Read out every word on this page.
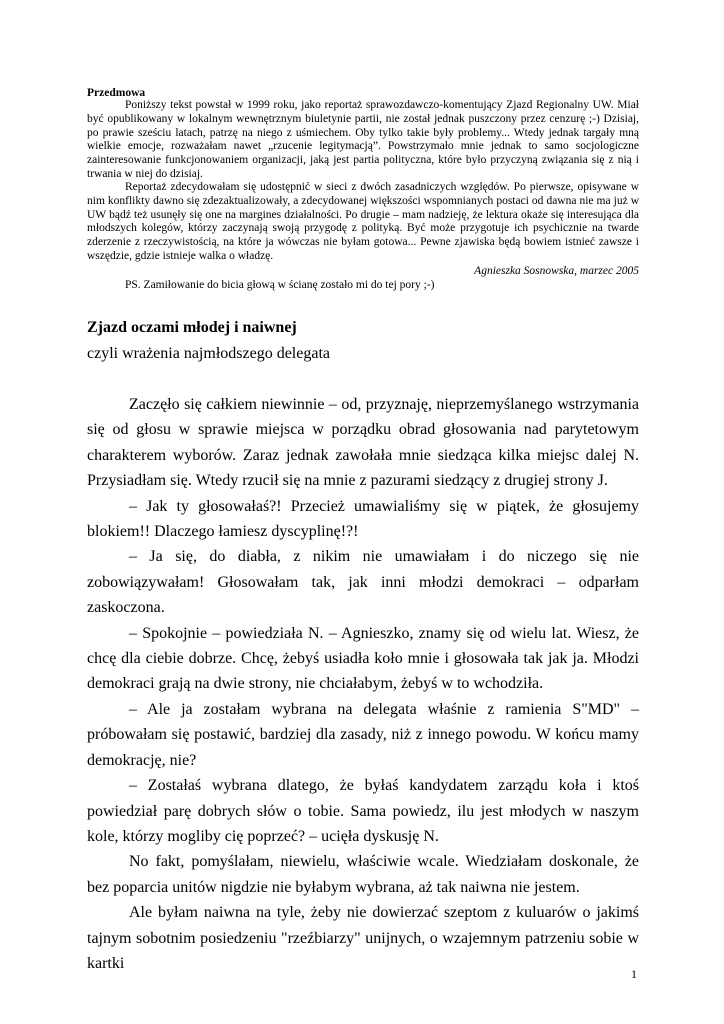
Przedmowa

Poniższy tekst powstał w 1999 roku, jako reportaż sprawozdawczo-komentujący Zjazd Regionalny UW. Miał być opublikowany w lokalnym wewnętrznym biuletynie partii, nie został jednak puszczony przez cenzurę ;-) Dzisiaj, po prawie sześciu latach, patrzę na niego z uśmiechem. Oby tylko takie były problemy... Wtedy jednak targały mną wielkie emocje, rozważałam nawet „rzucenie legitymacją”. Powstrzymało mnie jednak to samo socjologiczne zainteresowanie funkcjonowaniem organizacji, jaką jest partia polityczna, które było przyczyną związania się z nią i trwania w niej do dzisiaj.

Reportaż zdecydowałam się udostępnić w sieci z dwóch zasadniczych względów. Po pierwsze, opisywane w nim konflikty dawno się zdezaktualizowały, a zdecydowanej większości wspomnianych postaci od dawna nie ma już w UW bądź też usunęły się one na margines działalności. Po drugie – mam nadzieję, że lektura okaże się interesująca dla młodszych kolegów, którzy zaczynają swoją przygodę z polityką. Być może przygotuje ich psychicznie na twarde zderzenie z rzeczywistością, na które ja wówczas nie byłam gotowa... Pewne zjawiska będą bowiem istnieć zawsze i wszędzie, gdzie istnieje walka o władzę.

Agnieszka Sosnowska, marzec 2005

PS. Zamiłowanie do bicia głową w ścianę zostało mi do tej pory ;-)

Zjazd oczami młodej i naiwnej

czyli wrażenia najmłodszego delegata

Zaczęło się całkiem niewinnie – od, przyznaję, nieprzemyślanego wstrzymania się od głosu w sprawie miejsca w porządku obrad głosowania nad parytetowym charakterem wyborów. Zaraz jednak zawołała mnie siedząca kilka miejsc dalej N. Przysiadłam się. Wtedy rzucił się na mnie z pazurami siedzący z drugiej strony J.

– Jak ty głosowałaś?! Przecież umawialiśmy się w piątek, że głosujemy blokiem!! Dlaczego łamiesz dyscyplinę!?!

– Ja się, do diabła, z nikim nie umawiałam i do niczego się nie zobowiązywałam! Głosowałam tak, jak inni młodzi demokraci – odparłam zaskoczona.

– Spokojnie – powiedziała N. – Agnieszko, znamy się od wielu lat. Wiesz, że chcę dla ciebie dobrze. Chcę, żebyś usiadła koło mnie i głosowała tak jak ja. Młodzi demokraci grają na dwie strony, nie chciałabym, żebyś w to wchodziła.

– Ale ja zostałam wybrana na delegata właśnie z ramienia S"MD" – próbowałam się postawić, bardziej dla zasady, niż z innego powodu. W końcu mamy demokrację, nie?

– Zostałaś wybrana dlatego, że byłaś kandydatem zarządu koła i ktoś powiedział parę dobrych słów o tobie. Sama powiedz, ilu jest młodych w naszym kole, którzy mogliby cię poprzeć? – ucięła dyskusję N.

No fakt, pomyślałam, niewielu, właściwie wcale. Wiedziałam doskonale, że bez poparcia unitów nigdzie nie byłabym wybrana, aż tak naiwna nie jestem.

Ale byłam naiwna na tyle, żeby nie dowierzać szeptom z kuluarów o jakimś tajnym sobotnim posiedzeniu "rzeźbiarzy" unijnych, o wzajemnym patrzeniu sobie w kartki

1
